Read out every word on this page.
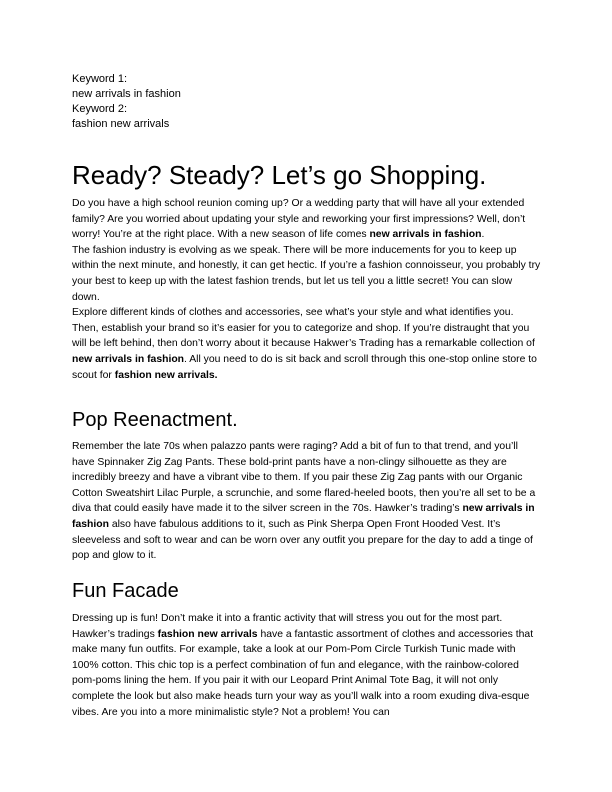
Keyword 1:
new arrivals in fashion
Keyword 2:
fashion new arrivals
Ready? Steady? Let’s go Shopping.

Do you have a high school reunion coming up? Or a wedding party that will have all your extended family? Are you worried about updating your style and reworking your first impressions? Well, don’t worry! You’re at the right place. With a new season of life comes new arrivals in fashion.

The fashion industry is evolving as we speak. There will be more inducements for you to keep up within the next minute, and honestly, it can get hectic. If you’re a fashion connoisseur, you probably try your best to keep up with the latest fashion trends, but let us tell you a little secret! You can slow down.

Explore different kinds of clothes and accessories, see what’s your style and what identifies you. Then, establish your brand so it’s easier for you to categorize and shop. If you’re distraught that you will be left behind, then don’t worry about it because Hakwer’s Trading has a remarkable collection of new arrivals in fashion. All you need to do is sit back and scroll through this one-stop online store to scout for fashion new arrivals.

Pop Reenactment.

Remember the late 70s when palazzo pants were raging? Add a bit of fun to that trend, and you’ll have Spinnaker Zig Zag Pants. These bold-print pants have a non-clingy silhouette as they are incredibly breezy and have a vibrant vibe to them. If you pair these Zig Zag pants with our Organic Cotton Sweatshirt Lilac Purple, a scrunchie, and some flared-heeled boots, then you’re all set to be a diva that could easily have made it to the silver screen in the 70s. Hawker’s trading’s new arrivals in fashion also have fabulous additions to it, such as Pink Sherpa Open Front Hooded Vest. It’s sleeveless and soft to wear and can be worn over any outfit you prepare for the day to add a tinge of pop and glow to it.

Fun Facade

Dressing up is fun! Don’t make it into a frantic activity that will stress you out for the most part. Hawker’s tradings fashion new arrivals have a fantastic assortment of clothes and accessories that make many fun outfits. For example, take a look at our Pom-Pom Circle Turkish Tunic made with 100% cotton. This chic top is a perfect combination of fun and elegance, with the rainbow-colored pom-poms lining the hem. If you pair it with our Leopard Print Animal Tote Bag, it will not only complete the look but also make heads turn your way as you’ll walk into a room exuding diva-esque vibes. Are you into a more minimalistic style? Not a problem! You can
